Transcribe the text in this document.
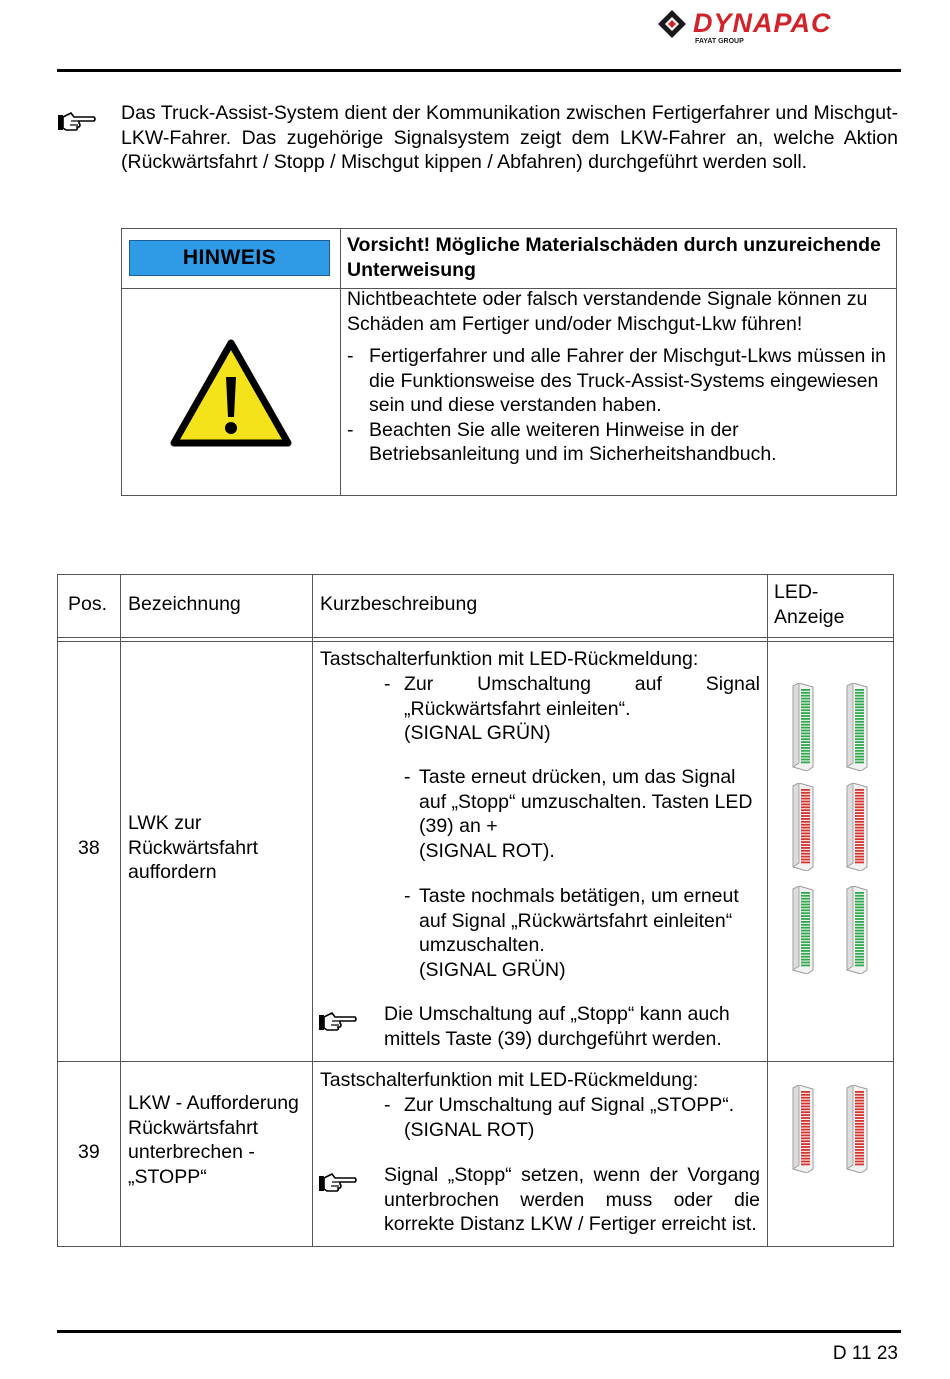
DYNAPAC
FAYAT GROUP

Das Truck-Assist-System dient der Kommunikation zwischen Fertigerfahrer und Mischgut-LKW-Fahrer. Das zugehörige Signalsystem zeigt dem LKW-Fahrer an, welche Aktion (Rückwärtsfahrt / Stopp / Mischgut kippen / Abfahren) durchgeführt werden soll.

HINWEIS
Vorsicht! Mögliche Materialschäden durch unzureichende Unterweisung
Nichtbeachtete oder falsch verstandende Signale können zu Schäden am Fertiger und/oder Mischgut-Lkw führen!
- Fertigerfahrer und alle Fahrer der Mischgut-Lkws müssen in die Funktionsweise des Truck-Assist-Systems eingewiesen sein und diese verstanden haben.
- Beachten Sie alle weiteren Hinweise in der Betriebsanleitung und im Sicherheitshandbuch.
Pos. Bezeichnung	Kurzbeschreibung
LED-Anzeige
38
LWK zur Rückwärtsfahrt auffordern
Tastschalterfunktion mit LED-Rückmeldung:
- Zur Umschaltung auf Signal „Rückwärtsfahrt einleiten“.
(SIGNAL GRÜN)
- Taste erneut drücken, um das Signal auf „Stopp“ umzuschalten. Tasten LED (39) an +
(SIGNAL ROT).
- Taste nochmals betätigen, um erneut auf Signal „Rückwärtsfahrt einleiten“ umzuschalten.
(SIGNAL GRÜN)
Die Umschaltung auf „Stopp“ kann auch mittels Taste (39) durchgeführt werden.
39
LKW - Aufforderung Rückwärtsfahrt unterbrechen - „STOPP“
Tastschalterfunktion mit LED-Rückmeldung:
- Zur Umschaltung auf Signal „STOPP“.
(SIGNAL ROT)
Signal „Stopp“ setzen, wenn der Vorgang unterbrochen werden muss oder die korrekte Distanz LKW / Fertiger erreicht ist.
D 11 23
